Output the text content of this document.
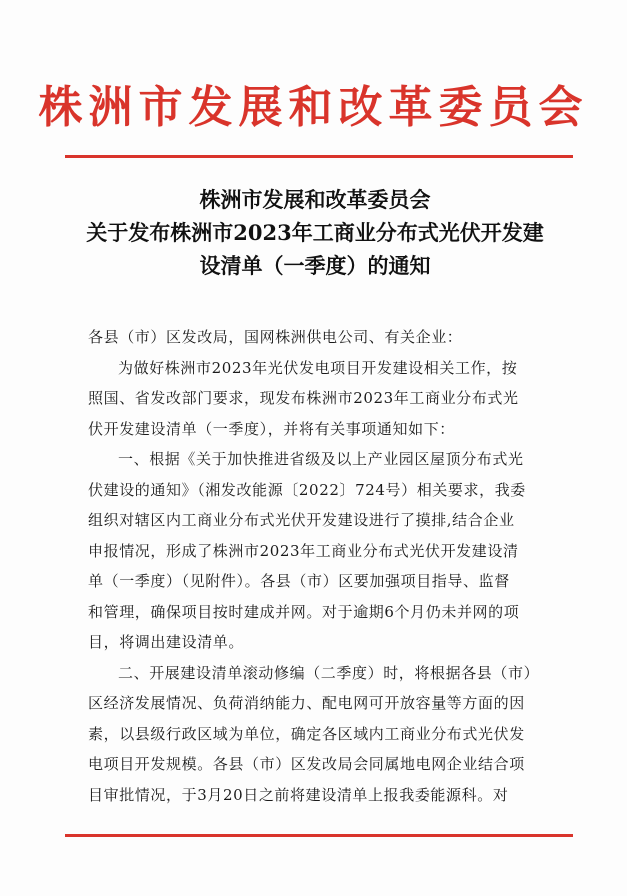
株洲市发展和改革委员会
株洲市发展和改革委员会
关于发布株洲市2023年工商业分布式光伏开发建
设清单（一季度）的通知
各县（市）区发改局，国网株洲供电公司、有关企业：
为做好株洲市2023年光伏发电项目开发建设相关工作，按
照国、省发改部门要求，现发布株洲市2023年工商业分布式光
伏开发建设清单（一季度），并将有关事项通知如下：
一、根据《关于加快推进省级及以上产业园区屋顶分布式光
伏建设的通知》（湘发改能源〔2022〕724号）相关要求，我委
组织对辖区内工商业分布式光伏开发建设进行了摸排,结合企业
申报情况，形成了株洲市2023年工商业分布式光伏开发建设清
单（一季度）（见附件）。各县（市）区要加强项目指导、监督
和管理，确保项目按时建成并网。对于逾期6个月仍未并网的项
目，将调出建设清单。
二、开展建设清单滚动修编（二季度）时，将根据各县（市）
区经济发展情况、负荷消纳能力、配电网可开放容量等方面的因
素，以县级行政区域为单位，确定各区域内工商业分布式光伏发
电项目开发规模。各县（市）区发改局会同属地电网企业结合项
目审批情况，于3月20日之前将建设清单上报我委能源科。对
